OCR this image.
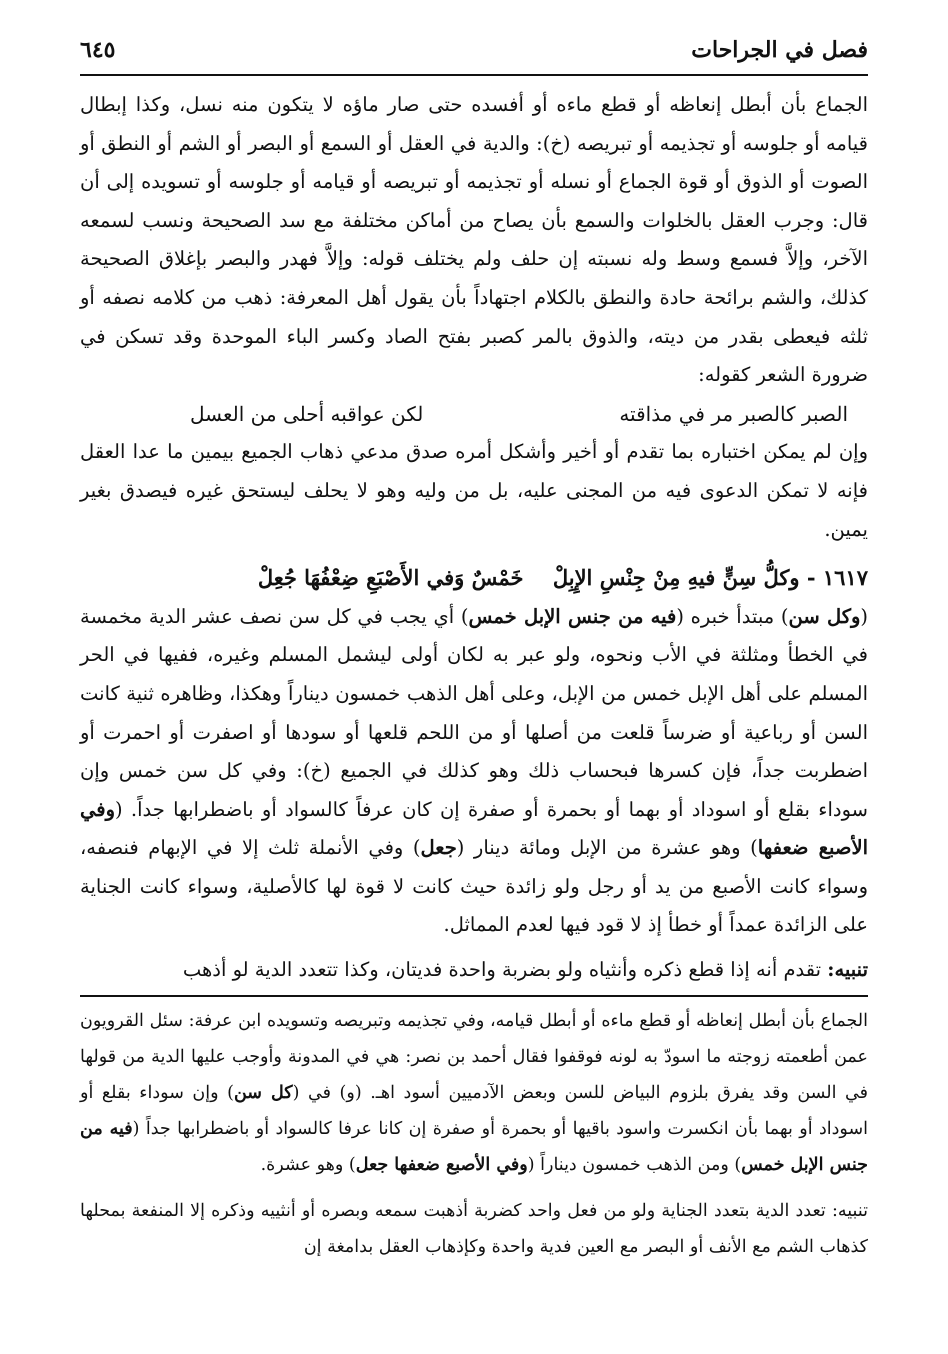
٦٤٥	فصل في الجراحات

الجماع بأن أبطل إنعاظه أو قطع ماءه أو أفسده حتى صار ماؤه لا يتكون منه نسل، وكذا إبطال قيامه أو جلوسه أو تجذيمه أو تبريصه (خ): والدية في العقل أو السمع أو البصر أو الشم أو النطق أو الصوت أو الذوق أو قوة الجماع أو نسله أو تجذيمه أو تبريصه أو قيامه أو جلوسه أو تسويده إلى أن قال: وجرب العقل بالخلوات والسمع بأن يصاح من أماكن مختلفة مع سد الصحيحة ونسب لسمعه الآخر، وإلاَّ فسمع وسط وله نسبته إن حلف ولم يختلف قوله: وإلاَّ فهدر والبصر بإغلاق الصحيحة كذلك، والشم برائحة حادة والنطق بالكلام اجتهاداً بأن يقول أهل المعرفة: ذهب من كلامه نصفه أو ثلثه فيعطى بقدر من ديته، والذوق بالمر كصبر بفتح الصاد وكسر الباء الموحدة وقد تسكن في ضرورة الشعر كقوله:

الصبر كالصبر مر في مذاقته
لكن عواقبه أحلى من العسل

وإن لم يمكن اختباره بما تقدم أو أخير وأشكل أمره صدق مدعي ذهاب الجميع بيمين ما عدا العقل فإنه لا تمكن الدعوى فيه من المجنى عليه، بل من وليه وهو لا يحلف ليستحق غيره فيصدق بغير يمين.

١٦١٧ - وكلُّ سِنٍّ فيهِ مِنْ جِنْسِ الإِبِلْ خَمْسٌ وَفي الأَصْبَعِ ضِعْفُهَا جُعِلْ

(وكل سن) مبتدأ خبره (فيه من جنس الإبل خمس) أي يجب في كل سن نصف عشر الدية مخمسة في الخطأ ومثلثة في الأب ونحوه، ولو عبر به لكان أولى ليشمل المسلم وغيره، ففيها في الحر المسلم على أهل الإبل خمس من الإبل، وعلى أهل الذهب خمسون ديناراً وهكذا، وظاهره ثنية كانت السن أو رباعية أو ضرساً قلعت من أصلها أو من اللحم قلعها أو سودها أو اصفرت أو احمرت أو اضطربت جداً، فإن كسرها فبحساب ذلك وهو كذلك في الجميع (خ): وفي كل سن خمس وإن سوداء بقلع أو اسوداد أو بهما أو بحمرة أو صفرة إن كان عرفاً كالسواد أو باضطرابها جداً. (وفي الأصبع ضعفها) وهو عشرة من الإبل ومائة دينار (جعل) وفي الأنملة ثلث إلا في الإبهام فنصفه، وسواء كانت الأصبع من يد أو رجل ولو زائدة حيث كانت لا قوة لها كالأصلية، وسواء كانت الجناية على الزائدة عمداً أو خطأ إذ لا قود فيها لعدم المماثل.

تنبيه: تقدم أنه إذا قطع ذكره وأنثياه ولو بضربة واحدة فديتان، وكذا تتعدد الدية لو أذهب

الجماع بأن أبطل إنعاظه أو قطع ماءه أو أبطل قيامه، وفي تجذيمه وتبريصه وتسويده ابن عرفة: سئل القرويون عمن أطعمته زوجته ما اسودّ به لونه فوقفوا فقال أحمد بن نصر: هي في المدونة وأوجب عليها الدية من قولها في السن وقد يفرق بلزوم البياض للسن وبعض الآدميين أسود اهـ. (و) في (كل سن) وإن سوداء بقلع أو اسوداد أو بهما بأن انكسرت واسود باقيها أو بحمرة أو صفرة إن كانا عرفا كالسواد أو باضطرابها جداً (فيه من جنس الإبل خمس) ومن الذهب خمسون ديناراً (وفي الأصبع ضعفها جعل) وهو عشرة.

تنبيه: تعدد الدية بتعدد الجناية ولو من فعل واحد كضربة أذهبت سمعه وبصره أو أنثييه وذكره إلا المنفعة بمحلها كذهاب الشم مع الأنف أو البصر مع العين فدية واحدة وكإذهاب العقل بدامغة إن
